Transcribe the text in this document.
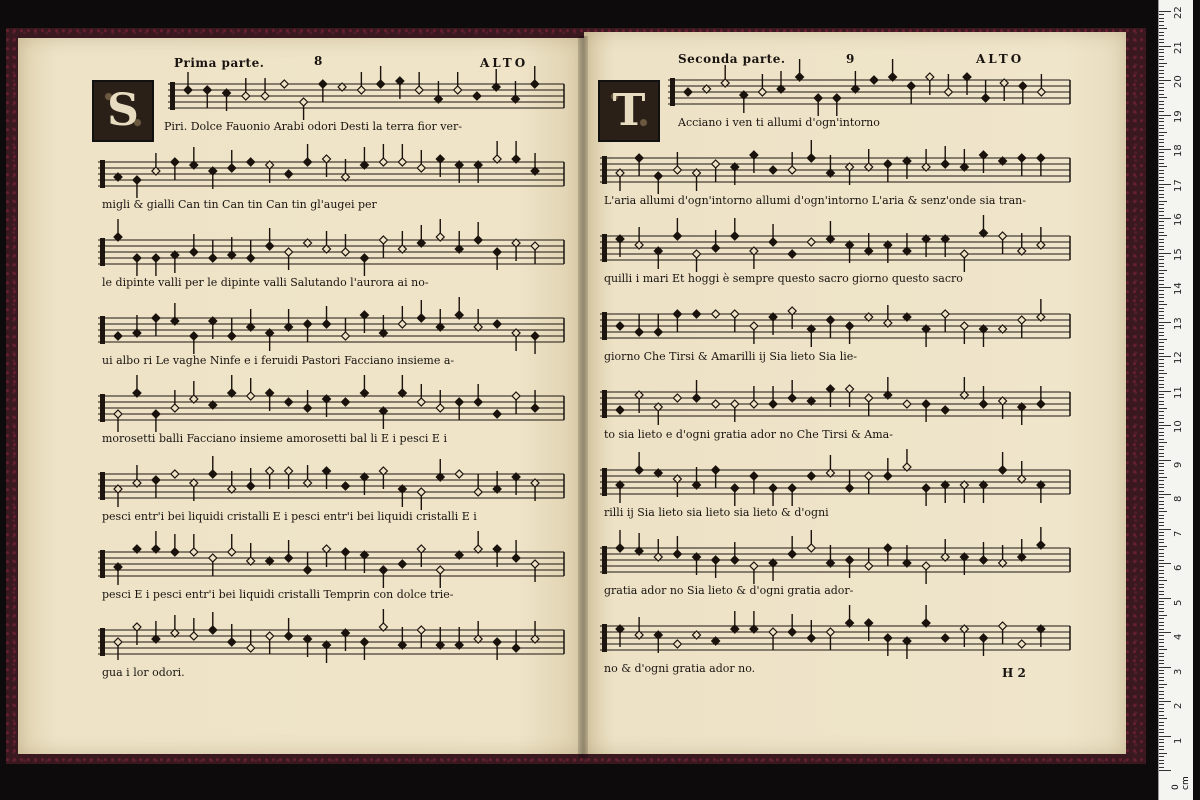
Prima parte.	8	ALTO
S	Piri. Dolce Fauonio Arabi odori Desti la terra fior ver-
migli & gialli Can tin Can tin Can tin gl'augei per
le dipinte valli per le dipinte valli Salutando l'aurora ai no-
ui albo ri Le vaghe Ninfe e i feruidi Pastori Facciano insieme a-
morosetti balli Facciano insieme amorosetti bal li E i pesci E i
pesci entr'i bei liquidi cristalli E i pesci entr'i bei liquidi cristalli E i
pesci E i pesci entr'i bei liquidi cristalli Temprin con dolce trie-
gua i lor odori.
Seconda parte.	9	ALTO
T	Acciano i ven ti allumi d'ogn'intorno
L'aria allumi d'ogn'intorno allumi d'ogn'intorno L'aria & senz'onde sia tran-
quilli i mari Et hoggi è sempre questo sacro giorno questo sacro
giorno Che Tirsi & Amarilli ij Sia lieto Sia lie-
to sia lieto e d'ogni gratia ador no Che Tirsi & Ama-
rilli ij Sia lieto sia lieto sia lieto & d'ogni
gratia ador no Sia lieto & d'ogni gratia ador-
no & d'ogni gratia ador no.	H 2
0 cm
1
2
3
4
5
6
7
8
9
10
11
12
13
14
15
16
17
18
19
20
21
22
